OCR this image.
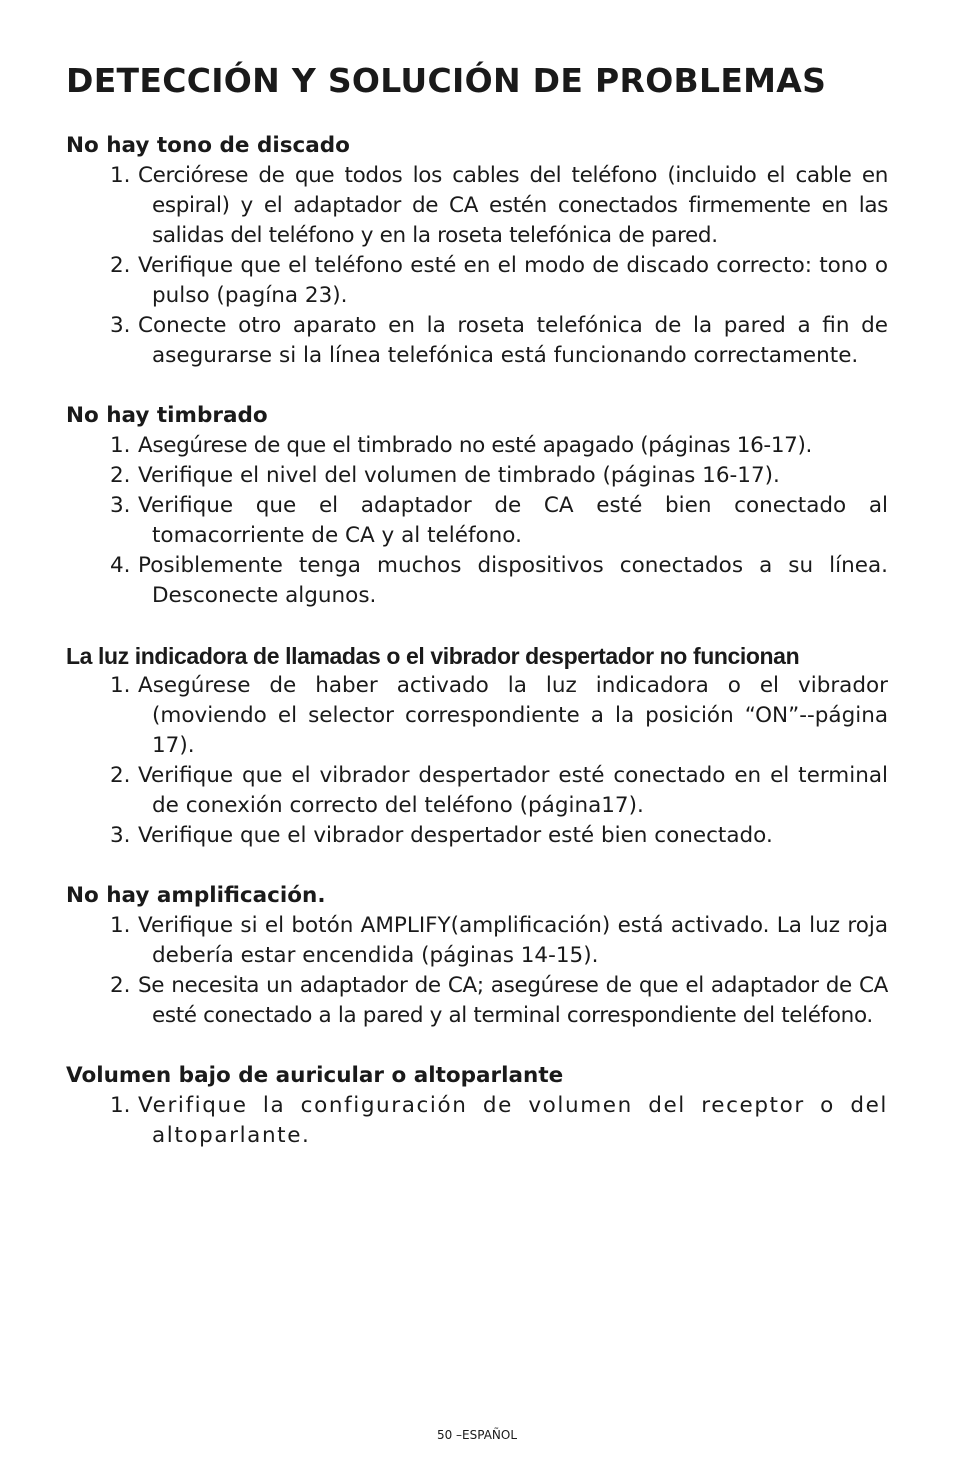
DETECCIÓN Y SOLUCIÓN DE PROBLEMAS
No hay tono de discado
1. Cerciórese de que todos los cables del teléfono (incluido el cable en espiral) y el adaptador de CA estén conectados firmemente en las salidas del teléfono y en la roseta telefónica de pared.
2. Verifique que el teléfono esté en el modo de discado correcto: tono o pulso (pagína 23).
3. Conecte otro aparato en la roseta telefónica de la pared a fin de asegurarse si la línea telefónica está funcionando correctamente.
No hay timbrado
1. Asegúrese de que el timbrado no esté apagado (páginas 16-17).
2. Verifique el nivel del volumen de timbrado (páginas 16-17).
3. Verifique que el adaptador de CA esté bien conectado al tomacorriente de CA y al teléfono.
4. Posiblemente tenga muchos dispositivos conectados a su línea. Desconecte algunos.
La luz indicadora de llamadas o el vibrador despertador no funcionan
1. Asegúrese de haber activado la luz indicadora o el vibrador (moviendo el selector correspondiente a la posición “ON”--página 17).
2. Verifique que el vibrador despertador esté conectado en el terminal de conexión correcto del teléfono (página17).
3. Verifique que el vibrador despertador esté bien conectado.
No hay amplificación.
1. Verifique si el botón AMPLIFY(amplificación) está activado. La luz roja debería estar encendida (páginas 14-15).
2. Se necesita un adaptador de CA; asegúrese de que el adaptador de CA esté conectado a la pared y al terminal correspondiente del teléfono.
Volumen bajo de auricular o altoparlante
1. Verifique la configuración de volumen del receptor o del altoparlante.
50 –ESPAÑOL
